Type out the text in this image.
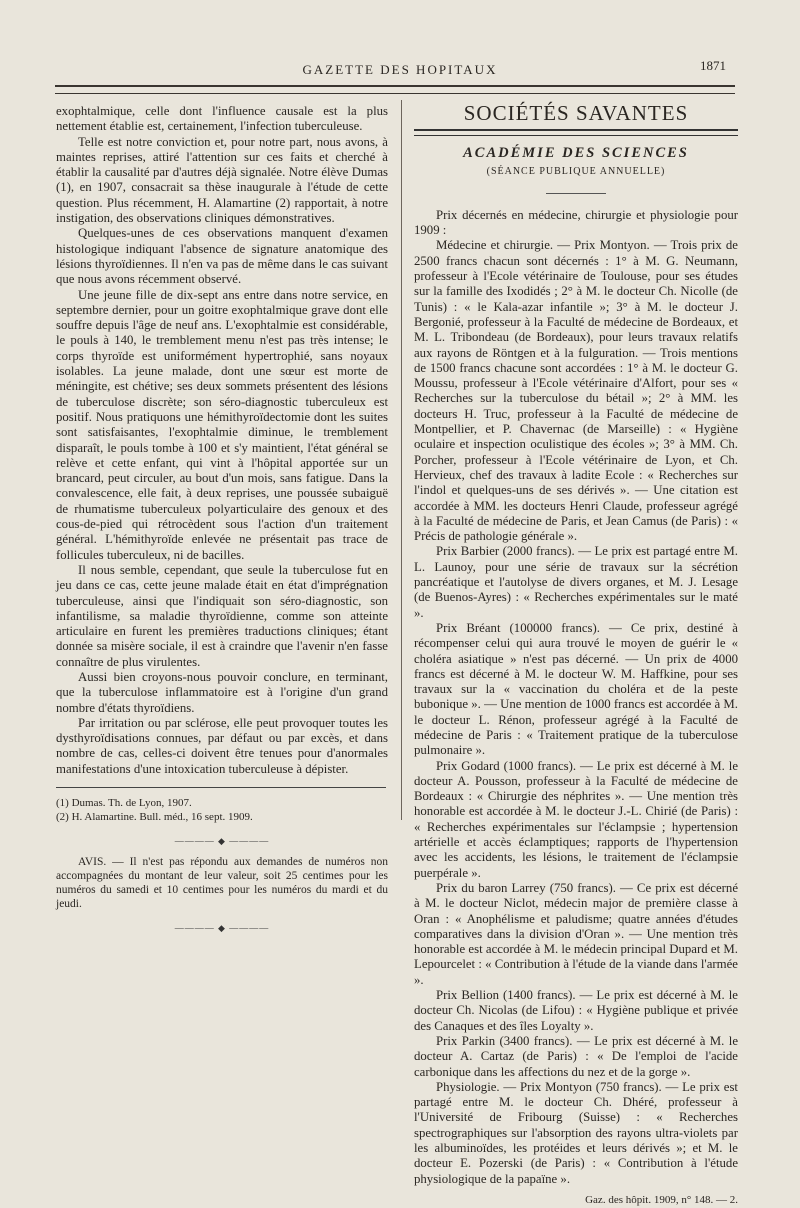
GAZETTE DES HOPITAUX	1871

exophtalmique, celle dont l'influence causale est la plus nettement établie est, certainement, l'infection tuberculeuse.

Telle est notre conviction et, pour notre part, nous avons, à maintes reprises, attiré l'attention sur ces faits et cherché à établir la causalité par d'autres déjà signalée. Notre élève Dumas (1), en 1907, consacrait sa thèse inaugurale à l'étude de cette question. Plus récemment, H. Alamartine (2) rapportait, à notre instigation, des observations cliniques démonstratives.

Quelques-unes de ces observations manquent d'examen histologique indiquant l'absence de signature anatomique des lésions thyroïdiennes. Il n'en va pas de même dans le cas suivant que nous avons récemment observé.

Une jeune fille de dix-sept ans entre dans notre service, en septembre dernier, pour un goitre exophtalmique grave dont elle souffre depuis l'âge de neuf ans. L'exophtalmie est considérable, le pouls à 140, le tremblement menu n'est pas très intense; le corps thyroïde est uniformément hypertrophié, sans noyaux isolables. La jeune malade, dont une sœur est morte de méningite, est chétive; ses deux sommets présentent des lésions de tuberculose discrète; son séro-diagnostic tuberculeux est positif. Nous pratiquons une hémithyroïdectomie dont les suites sont satisfaisantes, l'exophtalmie diminue, le tremblement disparaît, le pouls tombe à 100 et s'y maintient, l'état général se relève et cette enfant, qui vint à l'hôpital apportée sur un brancard, peut circuler, au bout d'un mois, sans fatigue. Dans la convalescence, elle fait, à deux reprises, une poussée subaiguë de rhumatisme tuberculeux polyarticulaire des genoux et des cous-de-pied qui rétrocèdent sous l'action d'un traitement général. L'hémithyroïde enlevée ne présentait pas trace de follicules tuberculeux, ni de bacilles.

Il nous semble, cependant, que seule la tuberculose fut en jeu dans ce cas, cette jeune malade était en état d'imprégnation tuberculeuse, ainsi que l'indiquait son séro-diagnostic, son infantilisme, sa maladie thyroïdienne, comme son atteinte articulaire en furent les premières traductions cliniques; étant donnée sa misère sociale, il est à craindre que l'avenir n'en fasse connaître de plus virulentes.

Aussi bien croyons-nous pouvoir conclure, en terminant, que la tuberculose inflammatoire est à l'origine d'un grand nombre d'états thyroïdiens.

Par irritation ou par sclérose, elle peut provoquer toutes les dysthyroïdisations connues, par défaut ou par excès, et dans nombre de cas, celles-ci doivent être tenues pour d'anormales manifestations d'une intoxication tuberculeuse à dépister.

(1) Dumas. Th. de Lyon, 1907.

(2) H. Alamartine. Bull. méd., 16 sept. 1909.

———— ◆ ————

AVIS. — Il n'est pas répondu aux demandes de numéros non accompagnées du montant de leur valeur, soit 25 centimes pour les numéros du samedi et 10 centimes pour les numéros du mardi et du jeudi.

———— ◆ ————
SOCIÉTÉS SAVANTES
ACADÉMIE DES SCIENCES
(SÉANCE PUBLIQUE ANNUELLE)

Prix décernés en médecine, chirurgie et physiologie pour 1909 :

Médecine et chirurgie. — Prix Montyon. — Trois prix de 2500 francs chacun sont décernés : 1° à M. G. Neumann, professeur à l'Ecole vétérinaire de Toulouse, pour ses études sur la famille des Ixodidés ; 2° à M. le docteur Ch. Nicolle (de Tunis) : « le Kala-azar infantile »; 3° à M. le docteur J. Bergonié, professeur à la Faculté de médecine de Bordeaux, et M. L. Tribondeau (de Bordeaux), pour leurs travaux relatifs aux rayons de Röntgen et à la fulguration. — Trois mentions de 1500 francs chacune sont accordées : 1° à M. le docteur G. Moussu, professeur à l'Ecole vétérinaire d'Alfort, pour ses « Recherches sur la tuberculose du bétail »; 2° à MM. les docteurs H. Truc, professeur à la Faculté de médecine de Montpellier, et P. Chavernac (de Marseille) : « Hygiène oculaire et inspection oculistique des écoles »; 3° à MM. Ch. Porcher, professeur à l'Ecole vétérinaire de Lyon, et Ch. Hervieux, chef des travaux à ladite Ecole : « Recherches sur l'indol et quelques-uns de ses dérivés ». — Une citation est accordée à MM. les docteurs Henri Claude, professeur agrégé à la Faculté de médecine de Paris, et Jean Camus (de Paris) : « Précis de pathologie générale ».

Prix Barbier (2000 francs). — Le prix est partagé entre M. L. Launoy, pour une série de travaux sur la sécrétion pancréatique et l'autolyse de divers organes, et M. J. Lesage (de Buenos-Ayres) : « Recherches expérimentales sur le maté ».

Prix Bréant (100000 francs). — Ce prix, destiné à récompenser celui qui aura trouvé le moyen de guérir le « choléra asiatique » n'est pas décerné. — Un prix de 4000 francs est décerné à M. le docteur W. M. Haffkine, pour ses travaux sur la « vaccination du choléra et de la peste bubonique ». — Une mention de 1000 francs est accordée à M. le docteur L. Rénon, professeur agrégé à la Faculté de médecine de Paris : « Traitement pratique de la tuberculose pulmonaire ».

Prix Godard (1000 francs). — Le prix est décerné à M. le docteur A. Pousson, professeur à la Faculté de médecine de Bordeaux : « Chirurgie des néphrites ». — Une mention très honorable est accordée à M. le docteur J.-L. Chirié (de Paris) : « Recherches expérimentales sur l'éclampsie ; hypertension artérielle et accès éclamptiques; rapports de l'hypertension avec les accidents, les lésions, le traitement de l'éclampsie puerpérale ».

Prix du baron Larrey (750 francs). — Ce prix est décerné à M. le docteur Niclot, médecin major de première classe à Oran : « Anophélisme et paludisme; quatre années d'études comparatives dans la division d'Oran ». — Une mention très honorable est accordée à M. le médecin principal Dupard et M. Lepourcelet : « Contribution à l'étude de la viande dans l'armée ».

Prix Bellion (1400 francs). — Le prix est décerné à M. le docteur Ch. Nicolas (de Lifou) : « Hygiène publique et privée des Canaques et des îles Loyalty ».

Prix Parkin (3400 francs). — Le prix est décerné à M. le docteur A. Cartaz (de Paris) : « De l'emploi de l'acide carbonique dans les affections du nez et de la gorge ».

Physiologie. — Prix Montyon (750 francs). — Le prix est partagé entre M. le docteur Ch. Dhéré, professeur à l'Université de Fribourg (Suisse) : « Recherches spectrographiques sur l'absorption des rayons ultra-violets par les albuminoïdes, les protéides et leurs dérivés »; et M. le docteur E. Pozerski (de Paris) : « Contribution à l'étude physiologique de la papaïne ».

Gaz. des hôpit. 1909, n° 148. — 2.
